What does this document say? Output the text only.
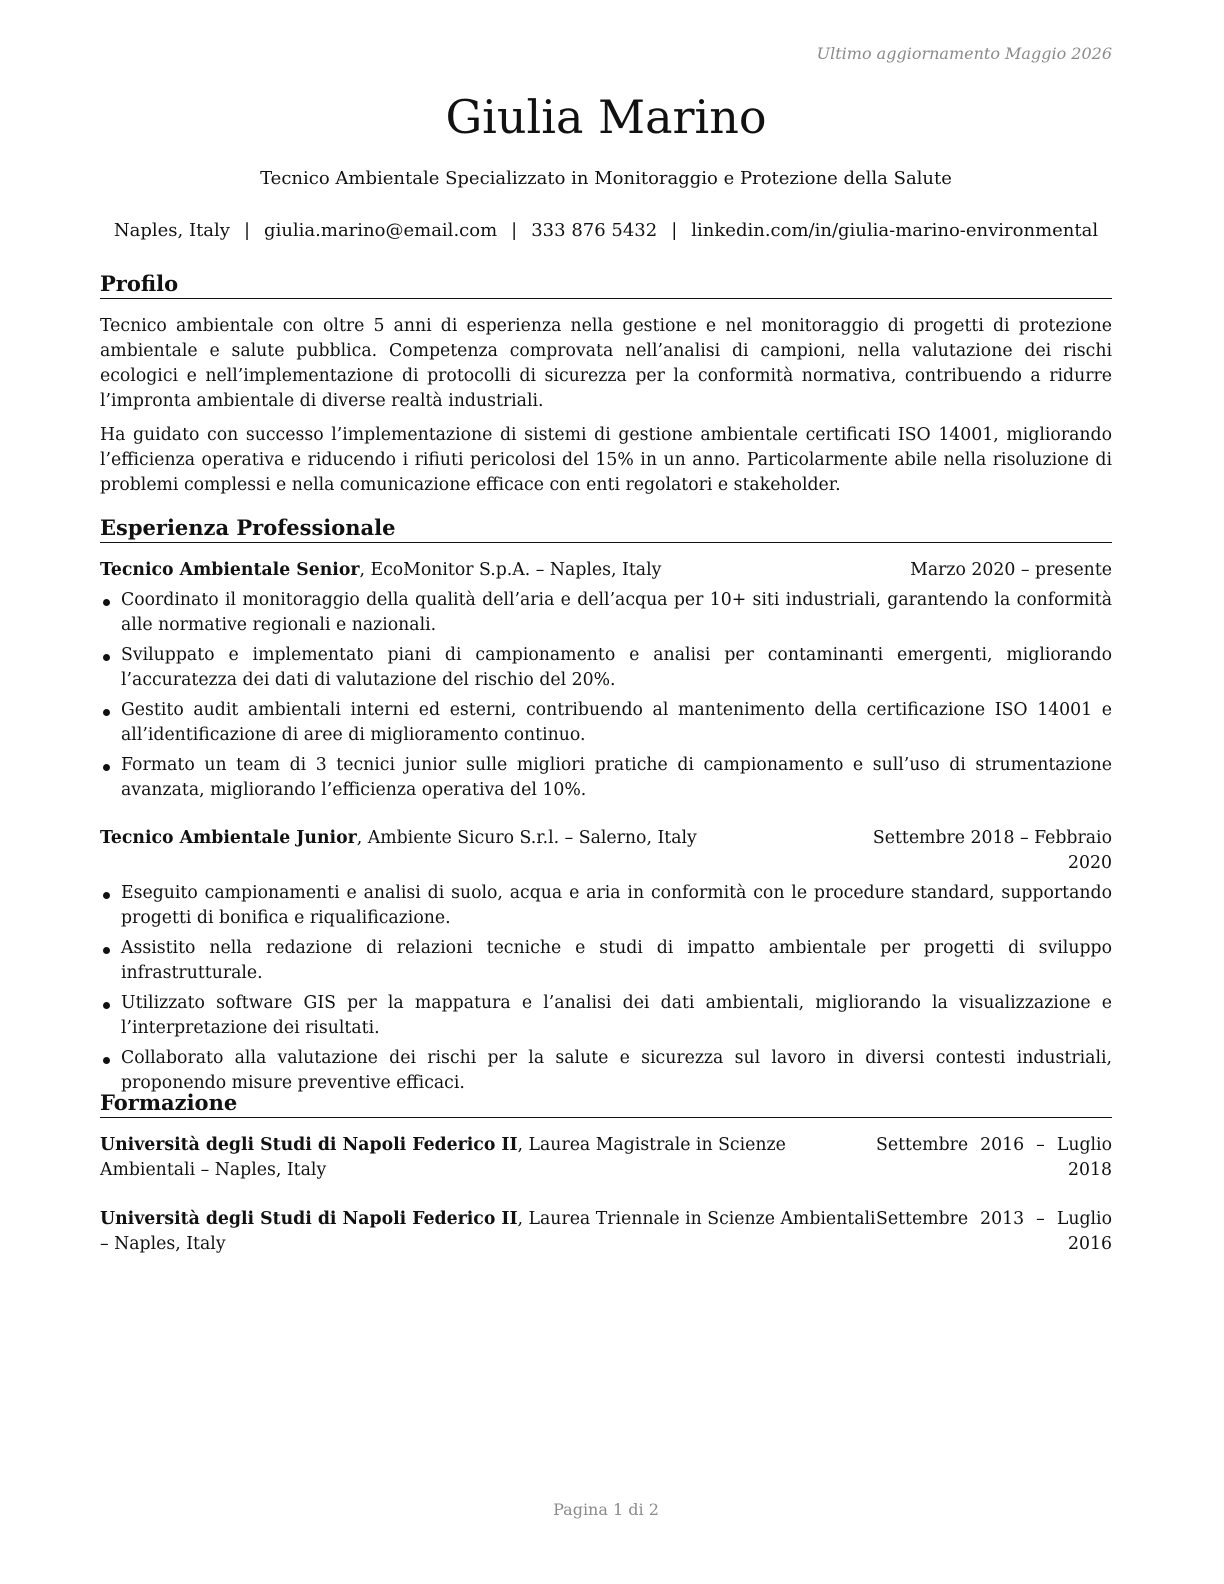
Ultimo aggiornamento Maggio 2026
Giulia Marino
Tecnico Ambientale Specializzato in Monitoraggio e Protezione della Salute
Naples, Italy | giulia.marino@email.com | 333 876 5432 | linkedin.com/in/giulia-marino-environmental
Profilo
Tecnico ambientale con oltre 5 anni di esperienza nella gestione e nel monitoraggio di progetti di protezione ambientale e salute pubblica. Competenza comprovata nell’analisi di campioni, nella valutazione dei rischi ecologici e nell’implementazione di protocolli di sicurezza per la conformità normativa, contribuendo a ridurre l’impronta ambientale di diverse realtà industriali.
Ha guidato con successo l’implementazione di sistemi di gestione ambientale certificati ISO 14001, migliorando l’efficienza operativa e riducendo i rifiuti pericolosi del 15% in un anno. Particolarmente abile nella risoluzione di problemi complessi e nella comunicazione efficace con enti regolatori e stakeholder.
Esperienza Professionale
Tecnico Ambientale Senior, EcoMonitor S.p.A. – Naples, Italy	Marzo 2020 – presente
Coordinato il monitoraggio della qualità dell’aria e dell’acqua per 10+ siti industriali, garantendo la conformità alle normative regionali e nazionali.
Sviluppato e implementato piani di campionamento e analisi per contaminanti emergenti, migliorando l’accuratezza dei dati di valutazione del rischio del 20%.
Gestito audit ambientali interni ed esterni, contribuendo al mantenimento della certificazione ISO 14001 e all’identificazione di aree di miglioramento continuo.
Formato un team di 3 tecnici junior sulle migliori pratiche di campionamento e sull’uso di strumentazione avanzata, migliorando l’efficienza operativa del 10%.
Tecnico Ambientale Junior, Ambiente Sicuro S.r.l. – Salerno, Italy	Settembre 2018 – Febbraio 2020
Eseguito campionamenti e analisi di suolo, acqua e aria in conformità con le procedure standard, supportando progetti di bonifica e riqualificazione.
Assistito nella redazione di relazioni tecniche e studi di impatto ambientale per progetti di sviluppo infrastrutturale.
Utilizzato software GIS per la mappatura e l’analisi dei dati ambientali, migliorando la visualizzazione e l’interpretazione dei risultati.
Collaborato alla valutazione dei rischi per la salute e sicurezza sul lavoro in diversi contesti industriali, proponendo misure preventive efficaci.
Formazione
Settembre 2016 – Luglio 2018
Università degli Studi di Napoli Federico II, Laurea Magistrale in Scienze Ambientali – Naples, Italy
Settembre 2013 – Luglio 2016
Università degli Studi di Napoli Federico II, Laurea Triennale in Scienze Ambientali – Naples, Italy
Pagina 1 di 2
